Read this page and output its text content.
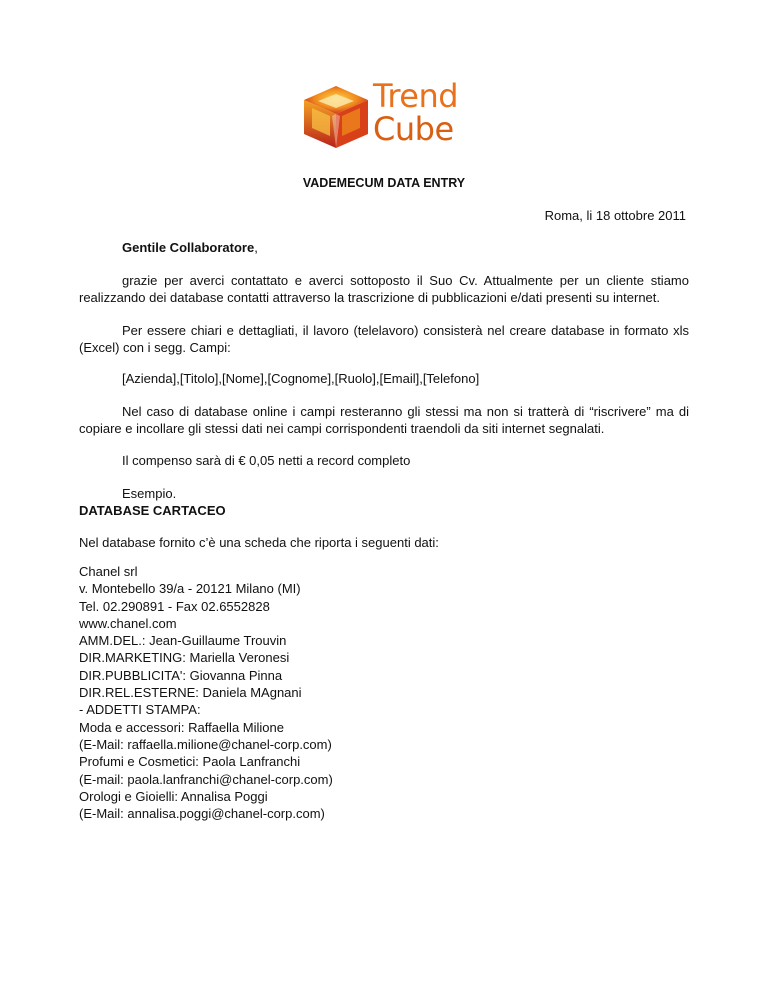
Trend
Cube
VADEMECUM DATA ENTRY
Roma, li 18 ottobre 2011
Gentile Collaboratore,
grazie per averci contattato e averci sottoposto il Suo Cv. Attualmente per un cliente stiamo realizzando dei database contatti attraverso la trascrizione di pubblicazioni e/dati presenti su internet.
Per essere chiari e dettagliati, il lavoro (telelavoro) consisterà nel creare database in formato xls (Excel) con i segg. Campi:
[Azienda],[Titolo],[Nome],[Cognome],[Ruolo],[Email],[Telefono]
Nel caso di database online i campi resteranno gli stessi ma non si tratterà di “riscrivere” ma di copiare e incollare gli stessi dati nei campi corrispondenti traendoli da siti internet segnalati.
Il compenso sarà di € 0,05 netti a record completo
Esempio.
DATABASE CARTACEO
Nel database fornito c’è una scheda che riporta i seguenti dati:
Chanel srl
v. Montebello 39/a - 20121 Milano (MI)
Tel. 02.290891 - Fax 02.6552828
www.chanel.com
AMM.DEL.: Jean-Guillaume Trouvin
DIR.MARKETING: Mariella Veronesi
DIR.PUBBLICITA': Giovanna Pinna
DIR.REL.ESTERNE: Daniela MAgnani
- ADDETTI STAMPA:
Moda e accessori: Raffaella Milione
(E-Mail: raffaella.milione@chanel-corp.com)
Profumi e Cosmetici: Paola Lanfranchi
(E-mail: paola.lanfranchi@chanel-corp.com)
Orologi e Gioielli: Annalisa Poggi
(E-Mail: annalisa.poggi@chanel-corp.com)
